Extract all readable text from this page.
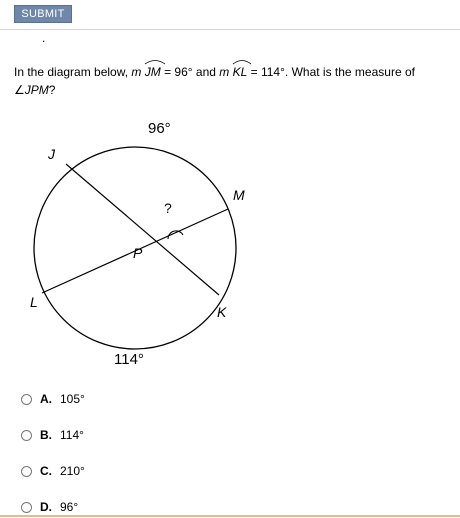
SUBMIT
.
In the diagram below, m JM = 96° and m KL = 114°. What is the measure of
∠JPM?
96°
114°
J
M
L
K
P
?
A. 105°
B. 114°
C. 210°
D. 96°
